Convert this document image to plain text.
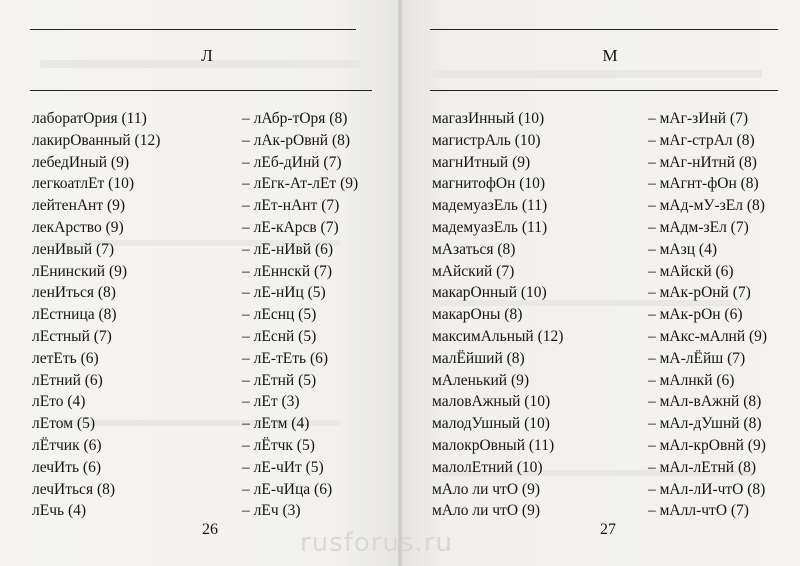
Л
лаборатОрия (11)	– лАбр-тОря (8)
лакирОванный (12)	– лАк-рОвнй (8)
лебедИный (9)	– лЕб-дИнй (7)
легкоатлЕт (10)	– лЕгк-Ат-лЕт (9)
лейтенАнт (9)	– лЕт-нАнт (7)
лекАрство (9)	– лЕ-кАрсв (7)
ленИвый (7)	– лЕ-нИвй (6)
лЕнинский (9)	– лЕннскй (7)
ленИться (8)	– лЕ-нИц (5)
лЕстница (8)	– лЕснц (5)
лЕстный (7)	– лЕснй (5)
летЕть (6)	– лЕ-тЕть (6)
лЕтний (6)	– лЕтнй (5)
лЕто (4)	– лЕт (3)
лЕтом (5)	– лЕтм (4)
лЁтчик (6)	– лЁтчк (5)
лечИть (6)	– лЕ-чИт (5)
лечИться (8)	– лЕ-чИца (6)
лЕчь (4)	– лЕч (3)
26
М
магазИнный (10)	– мАг-зИнй (7)
магистрАль (10)	– мАг-стрАл (8)
магнИтный (9)	– мАг-нИтнй (8)
магнитофОн (10)	– мАгнт-фОн (8)
мадемуазЕль (11)	– мАд-мУ-зЕл (8)
мадемуазЕль (11)	– мАдм-зЕл (7)
мАзаться (8)	– мАзц (4)
мАйский (7)	– мАйскй (6)
макарОнный (10)	– мАк-рОнй (7)
макарОны (8)	– мАк-рОн (6)
максимАльный (12)	– мАкс-мАлнй (9)
малЁйший (8)	– мА-лЁйш (7)
мАленький (9)	– мАлнкй (6)
маловАжный (10)	– мАл-вАжнй (8)
малодУшный (10)	– мАл-дУшнй (8)
малокрОвный (11)	– мАл-крОвнй (9)
малолЕтний (10)	– мАл-лЕтнй (8)
мАло ли чтО (9)	– мАл-лИ-чтО (8)
мАло ли чтО (9)	– мАлл-чтО (7)
27
rusforus.ru
